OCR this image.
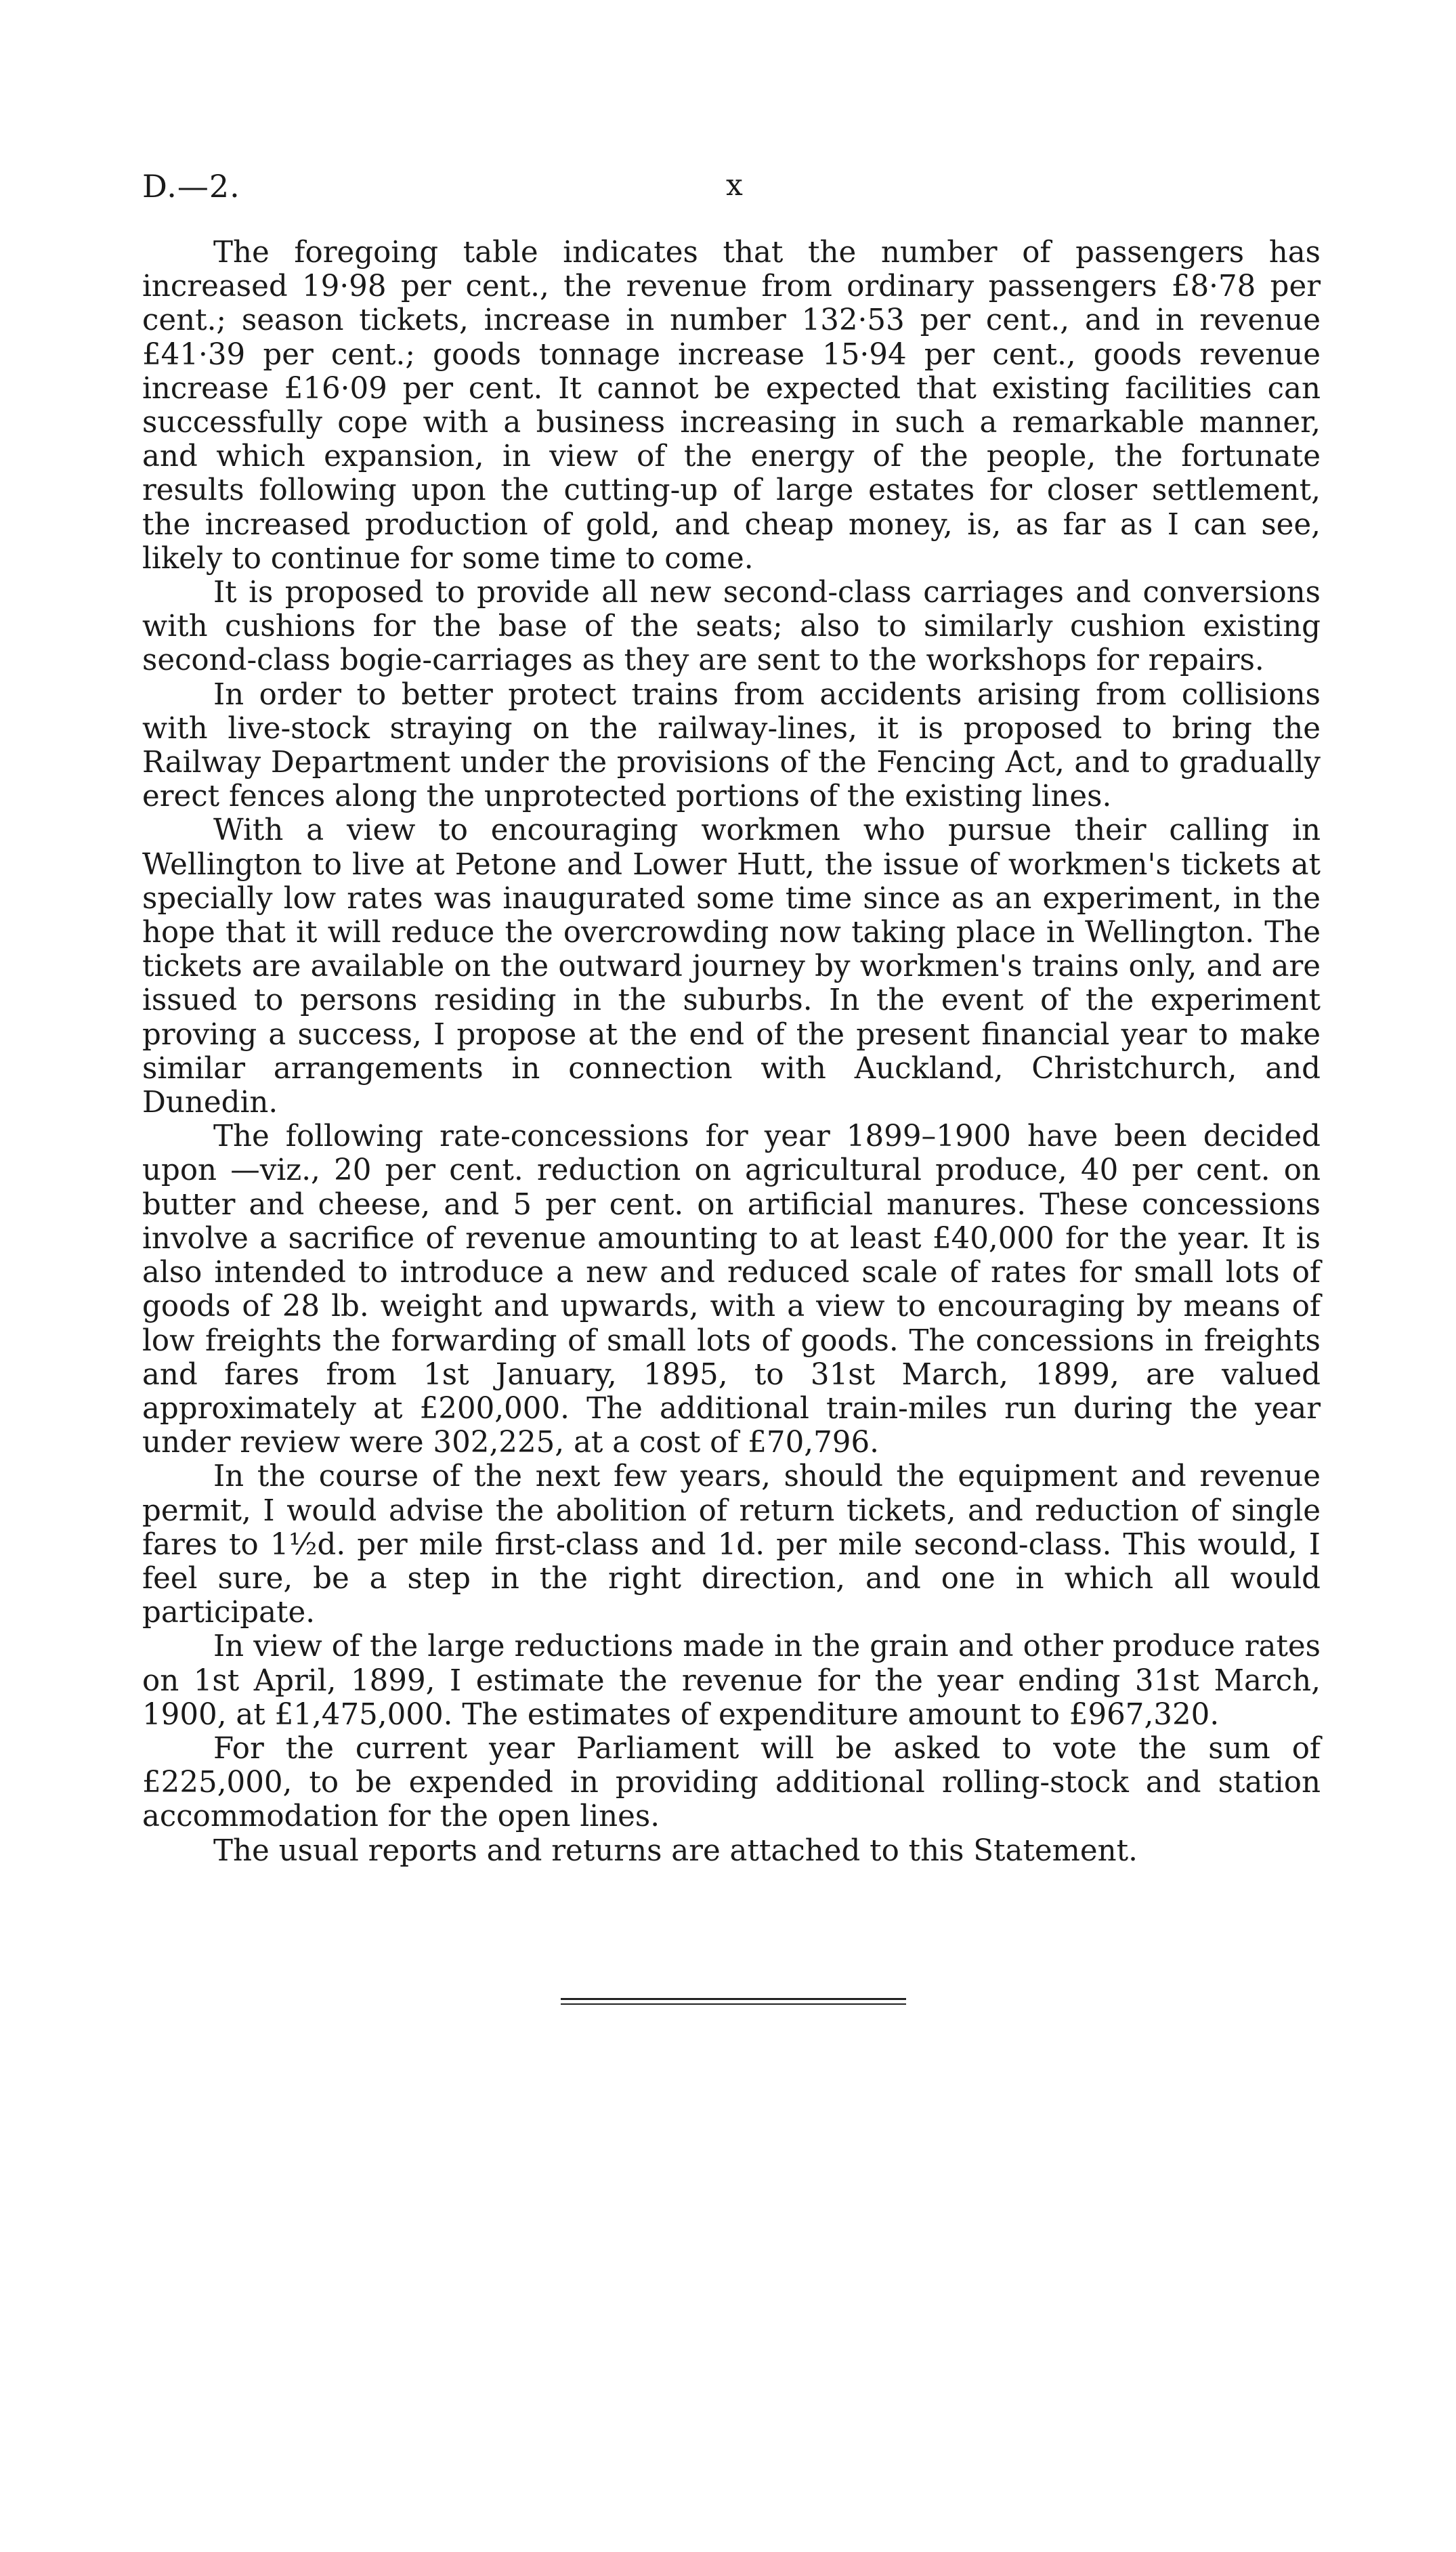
D.—2.	x

The foregoing table indicates that the number of passengers has increased 19·98 per cent., the revenue from ordinary passengers £8·78 per cent.; season tickets, increase in number 132·53 per cent., and in revenue £41·39 per cent.; goods tonnage increase 15·94 per cent., goods revenue increase £16·09 per cent. It cannot be expected that existing facilities can successfully cope with a business increasing in such a remarkable manner, and which expansion, in view of the energy of the people, the fortunate results following upon the cutting-up of large estates for closer settlement, the increased production of gold, and cheap money, is, as far as I can see, likely to continue for some time to come.

It is proposed to provide all new second-class carriages and conversions with cushions for the base of the seats; also to similarly cushion existing second-class bogie-carriages as they are sent to the workshops for repairs.

In order to better protect trains from accidents arising from collisions with live-stock straying on the railway-lines, it is proposed to bring the Railway Department under the provisions of the Fencing Act, and to gradually erect fences along the unprotected portions of the existing lines.

With a view to encouraging workmen who pursue their calling in Wellington to live at Petone and Lower Hutt, the issue of workmen's tickets at specially low rates was inaugurated some time since as an experiment, in the hope that it will reduce the overcrowding now taking place in Wellington. The tickets are available on the outward journey by workmen's trains only, and are issued to persons residing in the suburbs. In the event of the experiment proving a success, I propose at the end of the present financial year to make similar arrangements in connection with Auckland, Christchurch, and Dunedin.

The following rate-concessions for year 1899–1900 have been decided upon —viz., 20 per cent. reduction on agricultural produce, 40 per cent. on butter and cheese, and 5 per cent. on artificial manures. These concessions involve a sacrifice of revenue amounting to at least £40,000 for the year. It is also intended to introduce a new and reduced scale of rates for small lots of goods of 28 lb. weight and upwards, with a view to encouraging by means of low freights the forwarding of small lots of goods. The concessions in freights and fares from 1st January, 1895, to 31st March, 1899, are valued approximately at £200,000. The additional train-miles run during the year under review were 302,225, at a cost of £70,796.

In the course of the next few years, should the equipment and revenue permit, I would advise the abolition of return tickets, and reduction of single fares to 1½d. per mile first-class and 1d. per mile second-class. This would, I feel sure, be a step in the right direction, and one in which all would participate.

In view of the large reductions made in the grain and other produce rates on 1st April, 1899, I estimate the revenue for the year ending 31st March, 1900, at £1,475,000. The estimates of expenditure amount to £967,320.

For the current year Parliament will be asked to vote the sum of £225,000, to be expended in providing additional rolling-stock and station accommodation for the open lines.

The usual reports and returns are attached to this Statement.
